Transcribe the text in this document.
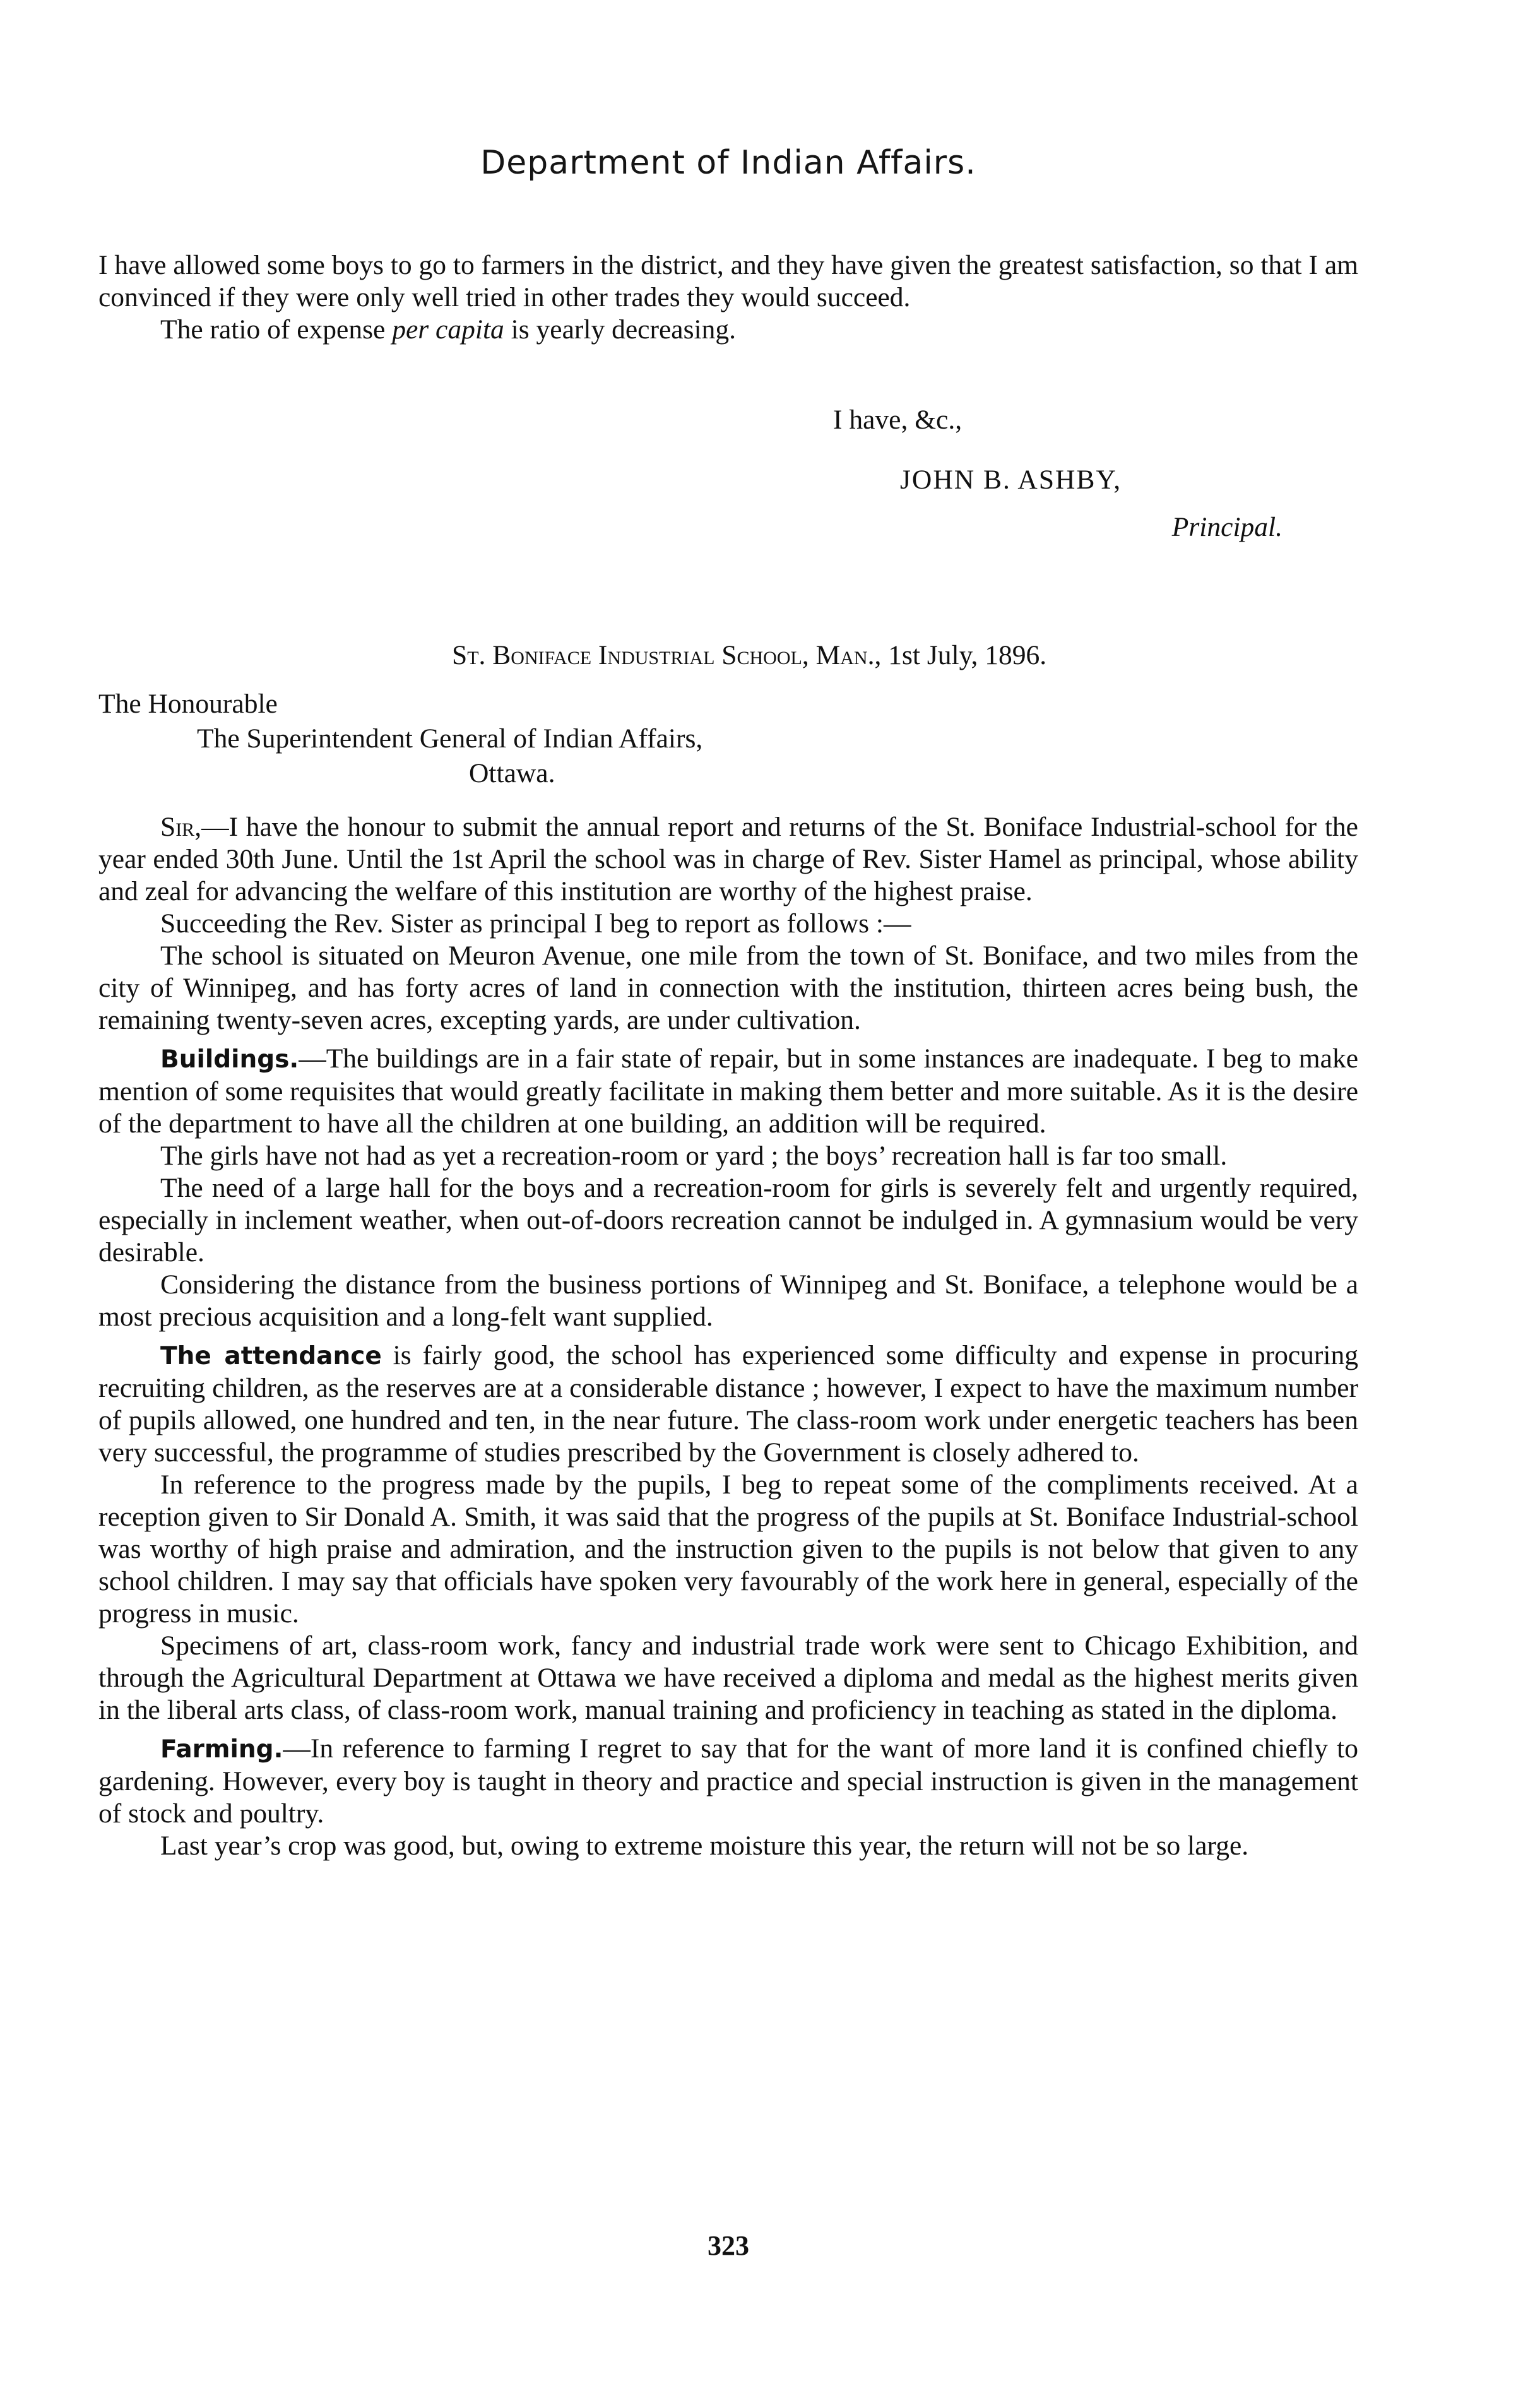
Department of Indian Affairs.

I have allowed some boys to go to farmers in the district, and they have given the greatest satisfaction, so that I am convinced if they were only well tried in other trades they would succeed.

The ratio of expense per capita is yearly decreasing.

I have, &c.,
JOHN B. ASHBY,
Principal.
St. Boniface Industrial School, Man., 1st July, 1896.
The Honourable
The Superintendent General of Indian Affairs,
Ottawa.

Sir,—I have the honour to submit the annual report and returns of the St. Boniface Industrial-school for the year ended 30th June. Until the 1st April the school was in charge of Rev. Sister Hamel as principal, whose ability and zeal for advancing the welfare of this institution are worthy of the highest praise.

Succeeding the Rev. Sister as principal I beg to report as follows :—

The school is situated on Meuron Avenue, one mile from the town of St. Boniface, and two miles from the city of Winnipeg, and has forty acres of land in connection with the institution, thirteen acres being bush, the remaining twenty-seven acres, excepting yards, are under cultivation.

Buildings.—The buildings are in a fair state of repair, but in some instances are inadequate. I beg to make mention of some requisites that would greatly facilitate in making them better and more suitable. As it is the desire of the department to have all the children at one building, an addition will be required.

The girls have not had as yet a recreation-room or yard ; the boys’ recreation hall is far too small.

The need of a large hall for the boys and a recreation-room for girls is severely felt and urgently required, especially in inclement weather, when out-of-doors recreation cannot be indulged in. A gymnasium would be very desirable.

Considering the distance from the business portions of Winnipeg and St. Boniface, a telephone would be a most precious acquisition and a long-felt want supplied.

The attendance is fairly good, the school has experienced some difficulty and expense in procuring recruiting children, as the reserves are at a considerable distance ; however, I expect to have the maximum number of pupils allowed, one hundred and ten, in the near future. The class-room work under energetic teachers has been very successful, the programme of studies prescribed by the Government is closely adhered to.

In reference to the progress made by the pupils, I beg to repeat some of the compliments received. At a reception given to Sir Donald A. Smith, it was said that the progress of the pupils at St. Boniface Industrial-school was worthy of high praise and admiration, and the instruction given to the pupils is not below that given to any school children. I may say that officials have spoken very favourably of the work here in general, especially of the progress in music.

Specimens of art, class-room work, fancy and industrial trade work were sent to Chicago Exhibition, and through the Agricultural Department at Ottawa we have received a diploma and medal as the highest merits given in the liberal arts class, of class-room work, manual training and proficiency in teaching as stated in the diploma.

Farming.—In reference to farming I regret to say that for the want of more land it is confined chiefly to gardening. However, every boy is taught in theory and practice and special instruction is given in the management of stock and poultry.

Last year’s crop was good, but, owing to extreme moisture this year, the return will not be so large.

323
